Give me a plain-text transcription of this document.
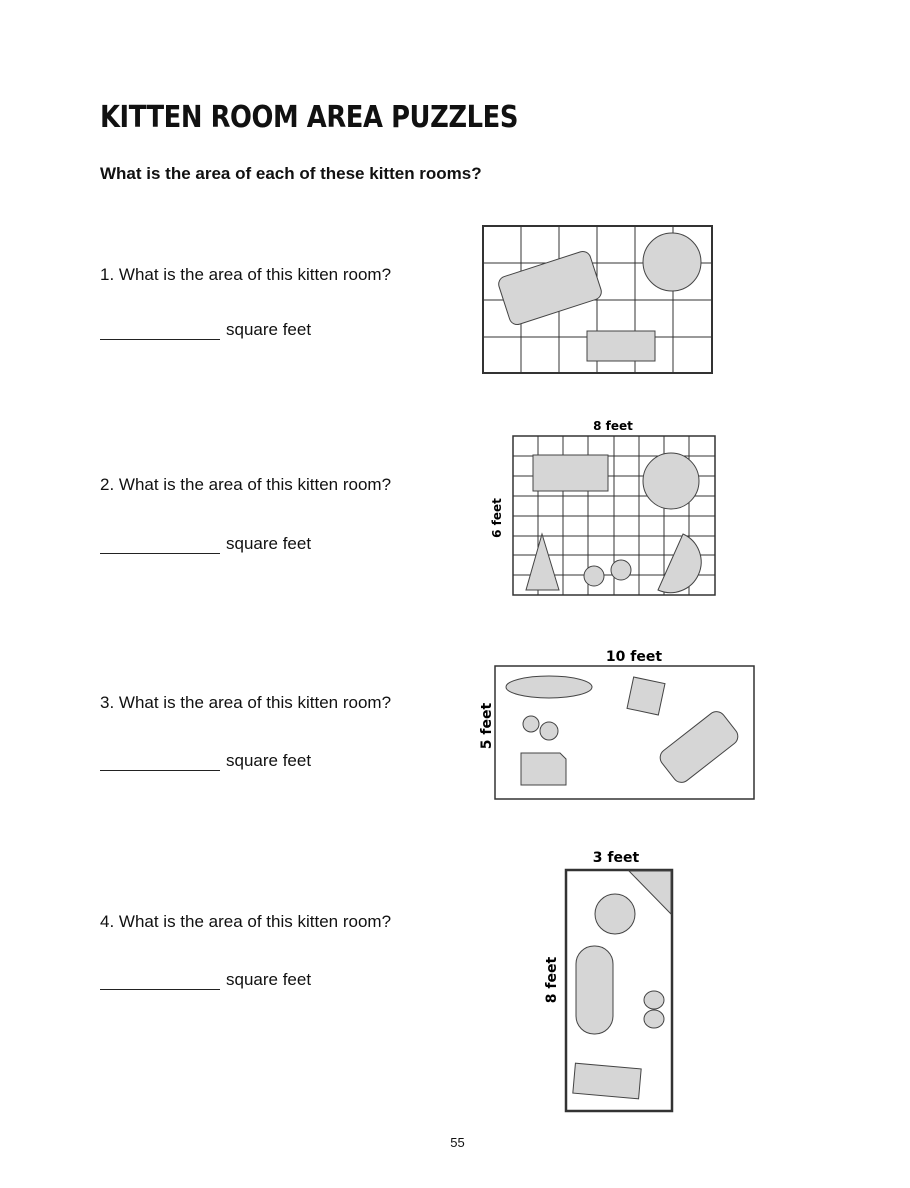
KITTEN ROOM AREA PUZZLES
What is the area of each of these kitten rooms?
1. What is the area of this kitten room?
square feet
2. What is the area of this kitten room?
square feet
8 feet
6 feet
3. What is the area of this kitten room?
square feet
10 feet
5 feet
4. What is the area of this kitten room?
square feet
3 feet
8 feet
55
